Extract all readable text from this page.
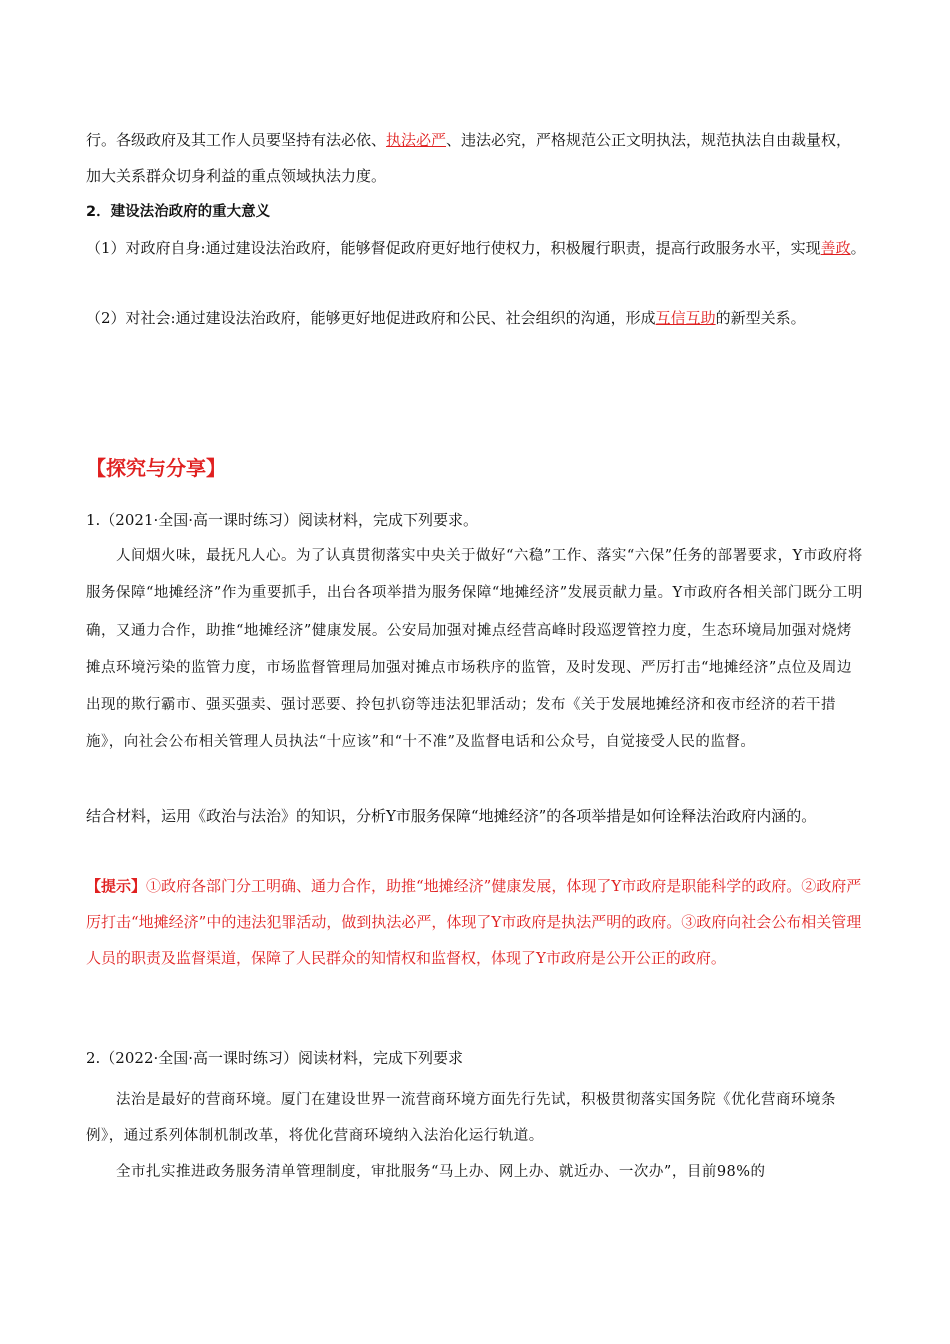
行。各级政府及其工作人员要坚持有法必依、执法必严、违法必究，严格规范公正文明执法，规范执法自由裁量权，加大关系群众切身利益的重点领域执法力度。

2．建设法治政府的重大意义

（1）对政府自身:通过建设法治政府，能够督促政府更好地行使权力，积极履行职责，提高行政服务水平，实现善政。

（2）对社会:通过建设法治政府，能够更好地促进政府和公民、社会组织的沟通，形成互信互助的新型关系。

【探究与分享】

1.（2021·全国·高一课时练习）阅读材料，完成下列要求。

人间烟火味，最抚凡人心。为了认真贯彻落实中央关于做好“六稳”工作、落实“六保”任务的部署要求，Y市政府将服务保障“地摊经济”作为重要抓手，出台各项举措为服务保障“地摊经济”发展贡献力量。Y市政府各相关部门既分工明确，又通力合作，助推“地摊经济”健康发展。公安局加强对摊点经营高峰时段巡逻管控力度，生态环境局加强对烧烤摊点环境污染的监管力度，市场监督管理局加强对摊点市场秩序的监管，及时发现、严厉打击“地摊经济”点位及周边出现的欺行霸市、强买强卖、强讨恶要、拎包扒窃等违法犯罪活动；发布《关于发展地摊经济和夜市经济的若干措施》，向社会公布相关管理人员执法“十应该”和“十不准”及监督电话和公众号，自觉接受人民的监督。

结合材料，运用《政治与法治》的知识，分析Y市服务保障“地摊经济”的各项举措是如何诠释法治政府内涵的。

【提示】①政府各部门分工明确、通力合作，助推“地摊经济”健康发展，体现了Y市政府是职能科学的政府。②政府严厉打击“地摊经济”中的违法犯罪活动，做到执法必严，体现了Y市政府是执法严明的政府。③政府向社会公布相关管理人员的职责及监督渠道，保障了人民群众的知情权和监督权，体现了Y市政府是公开公正的政府。

2.（2022·全国·高一课时练习）阅读材料，完成下列要求

法治是最好的营商环境。厦门在建设世界一流营商环境方面先行先试，积极贯彻落实国务院《优化营商环境条例》，通过系列体制机制改革，将优化营商环境纳入法治化运行轨道。

全市扎实推进政务服务清单管理制度，审批服务“马上办、网上办、就近办、一次办”，目前98%的
